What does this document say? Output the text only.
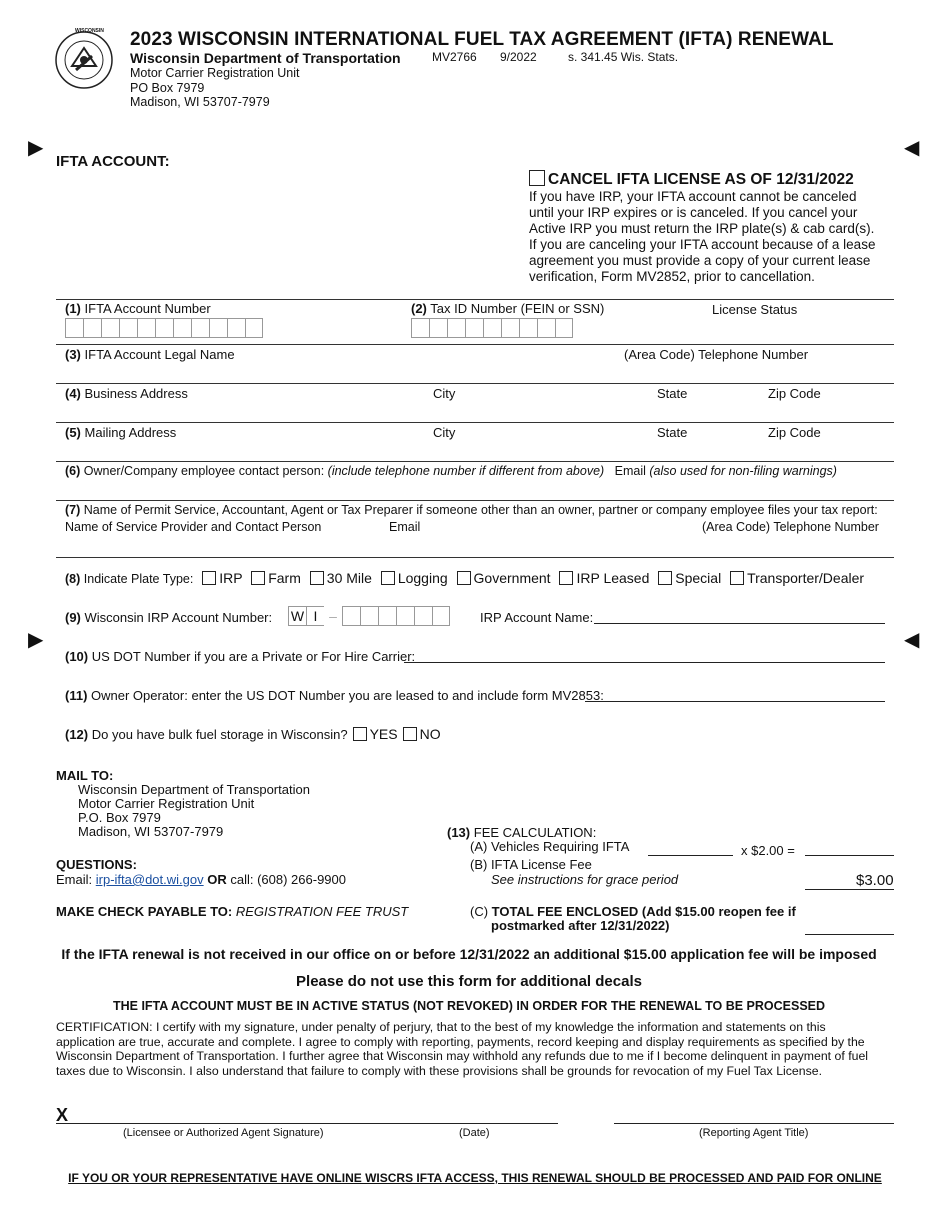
WISCONSIN 2023 WISCONSIN INTERNATIONAL FUEL TAX AGREEMENT (IFTA) RENEWAL
Wisconsin Department of Transportation	MV2766 9/2022	s. 341.45 Wis. Stats.
Motor Carrier Registration Unit
PO Box 7979
Madison, WI 53707-7979
▶	◀
▶	◀
IFTA ACCOUNT:
CANCEL IFTA LICENSE AS OF 12/31/2022
If you have IRP, your IFTA account cannot be canceled
until your IRP expires or is canceled. If you cancel your
Active IRP you must return the IRP plate(s) & cab card(s).
If you are canceling your IFTA account because of a lease
agreement you must provide a copy of your current lease
verification, Form MV2852, prior to cancellation.
(1) IFTA Account Number	(2) Tax ID Number (FEIN or SSN)	License Status
(3) IFTA Account Legal Name	(Area Code) Telephone Number
(4) Business Address	City	State	Zip Code
(5) Mailing Address	City	State	Zip Code
(6) Owner/Company employee contact person: (include telephone number if different from above) Email (also used for non-filing warnings)
(7) Name of Permit Service, Accountant, Agent or Tax Preparer if someone other than an owner, partner or company employee files your tax report:
Name of Service Provider and Contact Person	Email	(Area Code) Telephone Number
(8) Indicate Plate Type: IRP Farm 30 Mile Logging Government IRP Leased Special Transporter/Dealer
(9) Wisconsin IRP Account Number: W I –	IRP Account Name:
(10) US DOT Number if you are a Private or For Hire Carrier:
(11) Owner Operator: enter the US DOT Number you are leased to and include form MV2853:
(12) Do you have bulk fuel storage in Wisconsin? YES NO
MAIL TO:
Wisconsin Department of Transportation
Motor Carrier Registration Unit
P.O. Box 7979
Madison, WI 53707-7979
QUESTIONS:
Email: irp-ifta@dot.wi.gov OR call: (608) 266-9900
MAKE CHECK PAYABLE TO: REGISTRATION FEE TRUST
(13) FEE CALCULATION:
(A) Vehicles Requiring IFTA	x $2.00 =
(B) IFTA License Fee
See instructions for grace period	$3.00
(C) TOTAL FEE ENCLOSED (Add $15.00 reopen fee if
postmarked after 12/31/2022)
If the IFTA renewal is not received in our office on or before 12/31/2022 an additional $15.00 application fee will be imposed
Please do not use this form for additional decals
THE IFTA ACCOUNT MUST BE IN ACTIVE STATUS (NOT REVOKED) IN ORDER FOR THE RENEWAL TO BE PROCESSED
CERTIFICATION: I certify with my signature, under penalty of perjury, that to the best of my knowledge the information and statements on this
application are true, accurate and complete. I agree to comply with reporting, payments, record keeping and display requirements as specified by the
Wisconsin Department of Transportation. I further agree that Wisconsin may withhold any refunds due to me if I become delinquent in payment of fuel
taxes due to Wisconsin. I also understand that failure to comply with these provisions shall be grounds for revocation of my Fuel Tax License.
X
(Licensee or Authorized Agent Signature)	(Date)	(Reporting Agent Title)
IF YOU OR YOUR REPRESENTATIVE HAVE ONLINE WISCRS IFTA ACCESS, THIS RENEWAL SHOULD BE PROCESSED AND PAID FOR ONLINE
